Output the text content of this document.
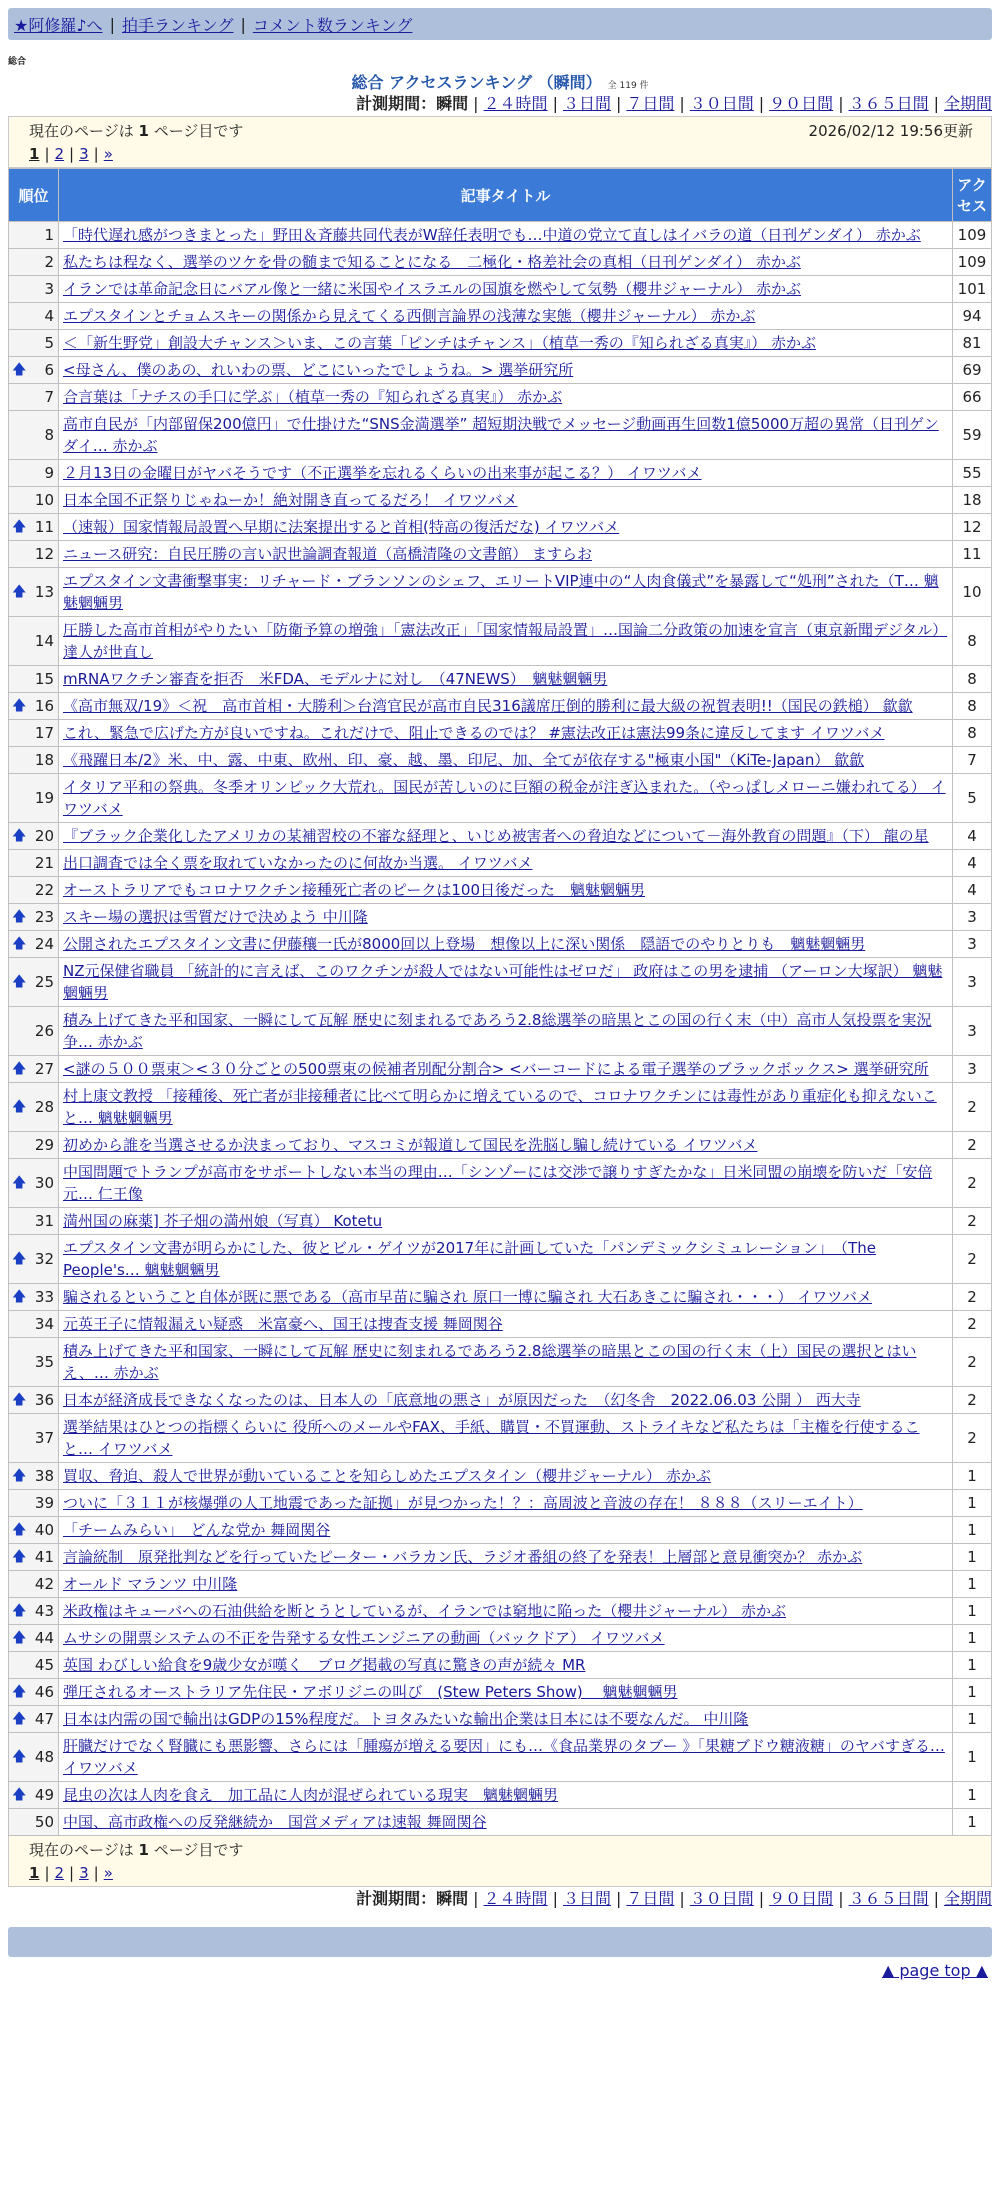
★阿修羅♪へ | 拍手ランキング | コメント数ランキング
総合
総合 アクセスランキング （瞬間） 全 119 件
計測期間：瞬間 | ２４時間 | ３日間 | ７日間 | ３０日間 | ９０日間 | ３６５日間 | 全期間
現在のページは 1 ページ目です	2026/02/12 19:56更新
1 | 2 | 3 | »
順位	記事タイトル	アクセス
1	「時代遅れ感がつきまとった」野田＆斉藤共同代表がW辞任表明でも…中道の党立て直しはイバラの道（日刊ゲンダイ） 赤かぶ	109
2	私たちは程なく、選挙のツケを骨の髄まで知ることになる　二極化・格差社会の真相（日刊ゲンダイ） 赤かぶ	109
3	イランでは革命記念日にバアル像と一緒に米国やイスラエルの国旗を燃やして気勢（櫻井ジャーナル） 赤かぶ	101
4	エプスタインとチョムスキーの関係から見えてくる西側言論界の浅薄な実態（櫻井ジャーナル） 赤かぶ	94
5	＜「新生野党」創設大チャンス＞いま、この言葉「ピンチはチャンス」（植草一秀の『知られざる真実』） 赤かぶ	81

🡅 6	<母さん、僕のあの、れいわの票、どこにいったでしょうね。> 選挙研究所	69
7	合言葉は「ナチスの手口に学ぶ」（植草一秀の『知られざる真実』） 赤かぶ	66
8	高市自民が「内部留保200億円」で仕掛けた“SNS金満選挙” 超短期決戦でメッセージ動画再生回数1億5000万超の異常（日刊ゲンダイ… 赤かぶ	59
9	２月13日の金曜日がヤバそうです（不正選挙を忘れるくらいの出来事が起こる？） イワツバメ	55
10	日本全国不正祭りじゃねーか！絶対開き直ってるだろ！ イワツバメ	18

🡅 11	（速報）国家情報局設置へ早期に法案提出すると首相(特高の復活だな) イワツバメ	12
12	ニュース研究：自民圧勝の言い訳世論調査報道（高橋清隆の文書館） ますらお	11

🡅 13	エプスタイン文書衝撃事実：リチャード・ブランソンのシェフ、エリートVIP連中の“人肉食儀式”を暴露して“処刑”された（T… 魑魅魍魎男	10
14	圧勝した高市首相がやりたい「防衛予算の増強」「憲法改正」「国家情報局設置」…国論二分政策の加速を宣言（東京新聞デジタル） 達人が世直し	8
15	mRNAワクチン審査を拒否　米FDA、モデルナに対し　（47NEWS）　魑魅魍魎男	8

🡅 16	《高市無双/19》＜祝　高市首相・大勝利＞台湾官民が高市自民316議席圧倒的勝利に最大級の祝賀表明!!（国民の鉄槌） 歙歙	8
17	これ、緊急で広げた方が良いですね。これだけで、阻止できるのでは？ #憲法改正は憲法99条に違反してます イワツバメ	8
18	《飛躍日本/2》米、中、露、中東、欧州、印、豪、越、墨、印尼、加、全てが依存する"極東小国"（KiTe-Japan） 歙歙	7
19	イタリア平和の祭典。冬季オリンピック大荒れ。国民が苦しいのに巨額の税金が注ぎ込まれた。（やっぱしメローニ嫌われてる） イワツバメ	5

🡅 20	『ブラック企業化したアメリカの某補習校の不審な経理と、いじめ被害者への脅迫などについて－海外教育の問題』（下） 龍の星	4
21	出口調査では全く票を取れていなかったのに何故か当選。 イワツバメ	4
22	オーストラリアでもコロナワクチン接種死亡者のピークは100日後だった　魑魅魍魎男	4

🡅 23	スキー場の選択は雪質だけで決めよう 中川隆	3

🡅 24	公開されたエプスタイン文書に伊藤穰一氏が8000回以上登場　想像以上に深い関係　隠語でのやりとりも　魑魅魍魎男	3

🡅 25	NZ元保健省職員 「統計的に言えば、このワクチンが殺人ではない可能性はゼロだ」 政府はこの男を逮捕 （アーロン大塚訳） 魑魅魍魎男	3
26	積み上げてきた平和国家、一瞬にして瓦解 歴史に刻まれるであろう2.8総選挙の暗黒とこの国の行く末（中）高市人気投票を実況争… 赤かぶ	3

🡅 27	<謎の５００票束＞<３０分ごとの500票束の候補者別配分割合> <バーコードによる電子選挙のブラックボックス> 選挙研究所	3

🡅 28	村上康文教授 「接種後、死亡者が非接種者に比べて明らかに増えているので、コロナワクチンには毒性があり重症化も抑えないこと… 魑魅魍魎男	2
29	初めから誰を当選させるか決まっており、マスコミが報道して国民を洗脳し騙し続けている イワツバメ	2

🡅 30	中国問題でトランプが高市をサポートしない本当の理由…「シンゾーには交渉で譲りすぎたかな」日米同盟の崩壊を防いだ「安倍元… 仁王像	2
31	満州国の麻薬] 芥子畑の満州娘（写真） Kotetu	2

🡅 32	エプスタイン文書が明らかにした、彼とビル・ゲイツが2017年に計画していた「パンデミックシミュレーション」　（The People's… 魑魅魍魎男	2

🡅 33	騙されるということ自体が既に悪である（高市早苗に騙され 原口一博に騙され 大石あきこに騙され・・・） イワツバメ	2
34	元英王子に情報漏えい疑惑　米富豪へ、国王は捜査支援 舞岡関谷	2
35	積み上げてきた平和国家、一瞬にして瓦解 歴史に刻まれるであろう2.8総選挙の暗黒とこの国の行く末（上）国民の選択とはいえ、… 赤かぶ	2

🡅 36	日本が経済成長できなくなったのは、日本人の「底意地の悪さ」が原因だった　（幻冬舎　2022.06.03 公開 ） 西大寺	2
37	選挙結果はひとつの指標くらいに 役所へのメールやFAX、手紙、購買・不買運動、ストライキなど私たちは「主権を行使すること… イワツバメ	2

🡅 38	買収、脅迫、殺人で世界が動いていることを知らしめたエプスタイン（櫻井ジャーナル） 赤かぶ	1
39	ついに「３１１が核爆弾の人工地震であった証拠」が見つかった！？：高周波と音波の存在！ ８８８（スリーエイト）	1

🡅 40	「チームみらい」　どんな党か 舞岡関谷	1

🡅 41	言論統制　原発批判などを行っていたピーター・バラカン氏、ラジオ番組の終了を発表！上層部と意見衝突か？ 赤かぶ	1
42	オールド マランツ 中川隆	1

🡅 43	米政権はキューバへの石油供給を断とうとしているが、イランでは窮地に陥った（櫻井ジャーナル） 赤かぶ	1

🡅 44	ムサシの開票システムの不正を告発する女性エンジニアの動画（バックドア） イワツバメ	1
45	英国 わびしい給食を9歳少女が嘆く　ブログ掲載の写真に驚きの声が続々 MR	1

🡅 46	弾圧されるオーストラリア先住民・アボリジニの叫び　(Stew Peters Show)　 魑魅魍魎男	1

🡅 47	日本は内需の国で輸出はGDPの15%程度だ。トヨタみたいな輸出企業は日本には不要なんだ。 中川隆	1

🡅 48	肝臓だけでなく腎臓にも悪影響、さらには「腫瘍が増える要因」にも…《食品業界のタブー 》「果糖ブドウ糖液糖」のヤバすぎる… イワツバメ	1

🡅 49	昆虫の次は人肉を食え　加工品に人肉が混ぜられている現実　魑魅魍魎男	1
50	中国、高市政権への反発継続か　国営メディアは速報 舞岡関谷	1
現在のページは 1 ページ目です
1 | 2 | 3 | »
計測期間：瞬間 | ２４時間 | ３日間 | ７日間 | ３０日間 | ９０日間 | ３６５日間 | 全期間
▲ page top ▲
